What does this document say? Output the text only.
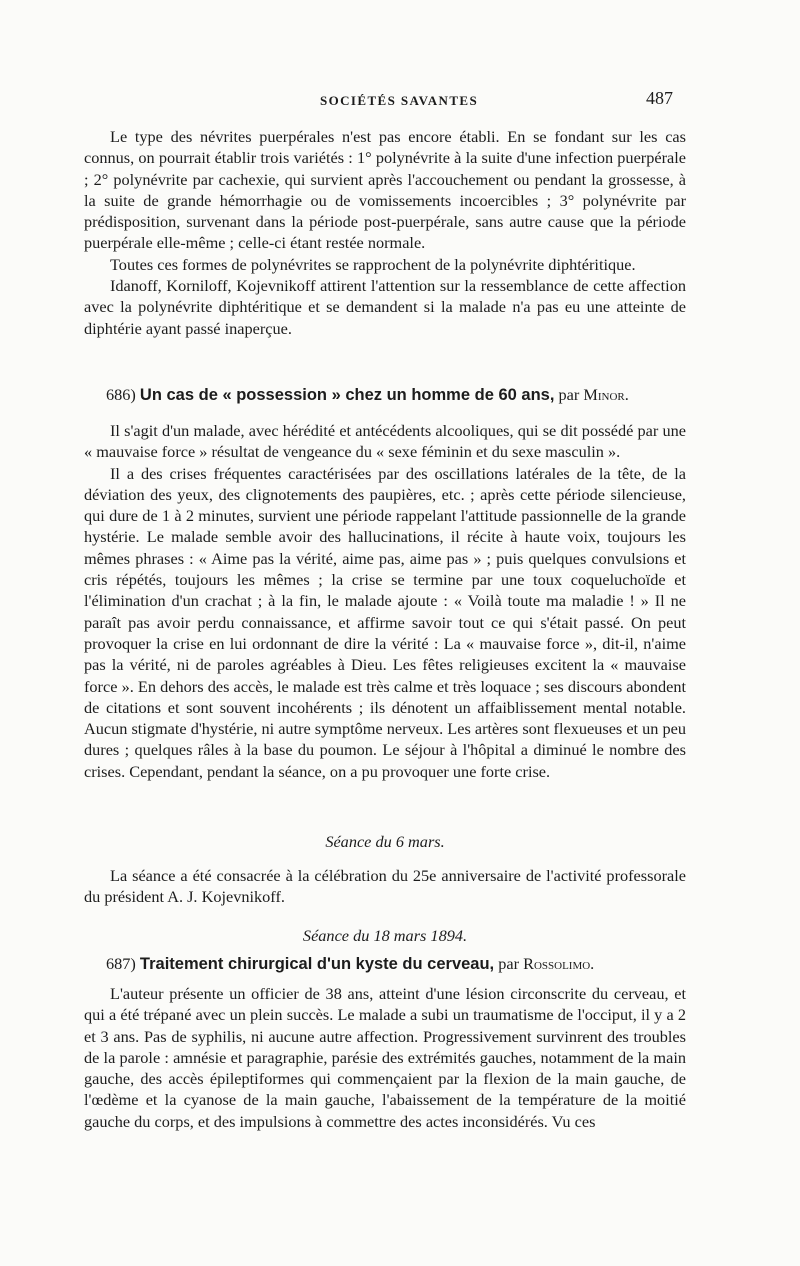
SOCIÉTÉS SAVANTES	487

Le type des névrites puerpérales n'est pas encore établi. En se fondant sur les cas connus, on pourrait établir trois variétés : 1° polynévrite à la suite d'une infection puerpérale ; 2° polynévrite par cachexie, qui survient après l'accouchement ou pendant la grossesse, à la suite de grande hémorrhagie ou de vomissements incoercibles ; 3° polynévrite par prédisposition, survenant dans la période post-puerpérale, sans autre cause que la période puerpérale elle-même ; celle-ci étant restée normale.

Toutes ces formes de polynévrites se rapprochent de la polynévrite diphtéritique.

Idanoff, Korniloff, Kojevnikoff attirent l'attention sur la ressemblance de cette affection avec la polynévrite diphtéritique et se demandent si la malade n'a pas eu une atteinte de diphtérie ayant passé inaperçue.

686) Un cas de « possession » chez un homme de 60 ans, par Minor.

Il s'agit d'un malade, avec hérédité et antécédents alcooliques, qui se dit possédé par une « mauvaise force » résultat de vengeance du « sexe féminin et du sexe masculin ».

Il a des crises fréquentes caractérisées par des oscillations latérales de la tête, de la déviation des yeux, des clignotements des paupières, etc. ; après cette période silencieuse, qui dure de 1 à 2 minutes, survient une période rappelant l'attitude passionnelle de la grande hystérie. Le malade semble avoir des hallucinations, il récite à haute voix, toujours les mêmes phrases : « Aime pas la vérité, aime pas, aime pas » ; puis quelques convulsions et cris répétés, toujours les mêmes ; la crise se termine par une toux coqueluchoïde et l'élimination d'un crachat ; à la fin, le malade ajoute : « Voilà toute ma maladie ! » Il ne paraît pas avoir perdu connaissance, et affirme savoir tout ce qui s'était passé. On peut provoquer la crise en lui ordonnant de dire la vérité : La « mauvaise force », dit-il, n'aime pas la vérité, ni de paroles agréables à Dieu. Les fêtes religieuses excitent la « mauvaise force ». En dehors des accès, le malade est très calme et très loquace ; ses discours abondent de citations et sont souvent incohérents ; ils dénotent un affaiblissement mental notable. Aucun stigmate d'hystérie, ni autre symptôme nerveux. Les artères sont flexueuses et un peu dures ; quelques râles à la base du poumon. Le séjour à l'hôpital a diminué le nombre des crises. Cependant, pendant la séance, on a pu provoquer une forte crise.

Séance du 6 mars.

La séance a été consacrée à la célébration du 25e anniversaire de l'activité professorale du président A. J. Kojevnikoff.

Séance du 18 mars 1894.

687) Traitement chirurgical d'un kyste du cerveau, par Rossolimo.

L'auteur présente un officier de 38 ans, atteint d'une lésion circonscrite du cerveau, et qui a été trépané avec un plein succès. Le malade a subi un traumatisme de l'occiput, il y a 2 et 3 ans. Pas de syphilis, ni aucune autre affection. Progressivement survinrent des troubles de la parole : amnésie et paragraphie, parésie des extrémités gauches, notamment de la main gauche, des accès épileptiformes qui commençaient par la flexion de la main gauche, de l'œdème et la cyanose de la main gauche, l'abaissement de la température de la moitié gauche du corps, et des impulsions à commettre des actes inconsidérés. Vu ces
